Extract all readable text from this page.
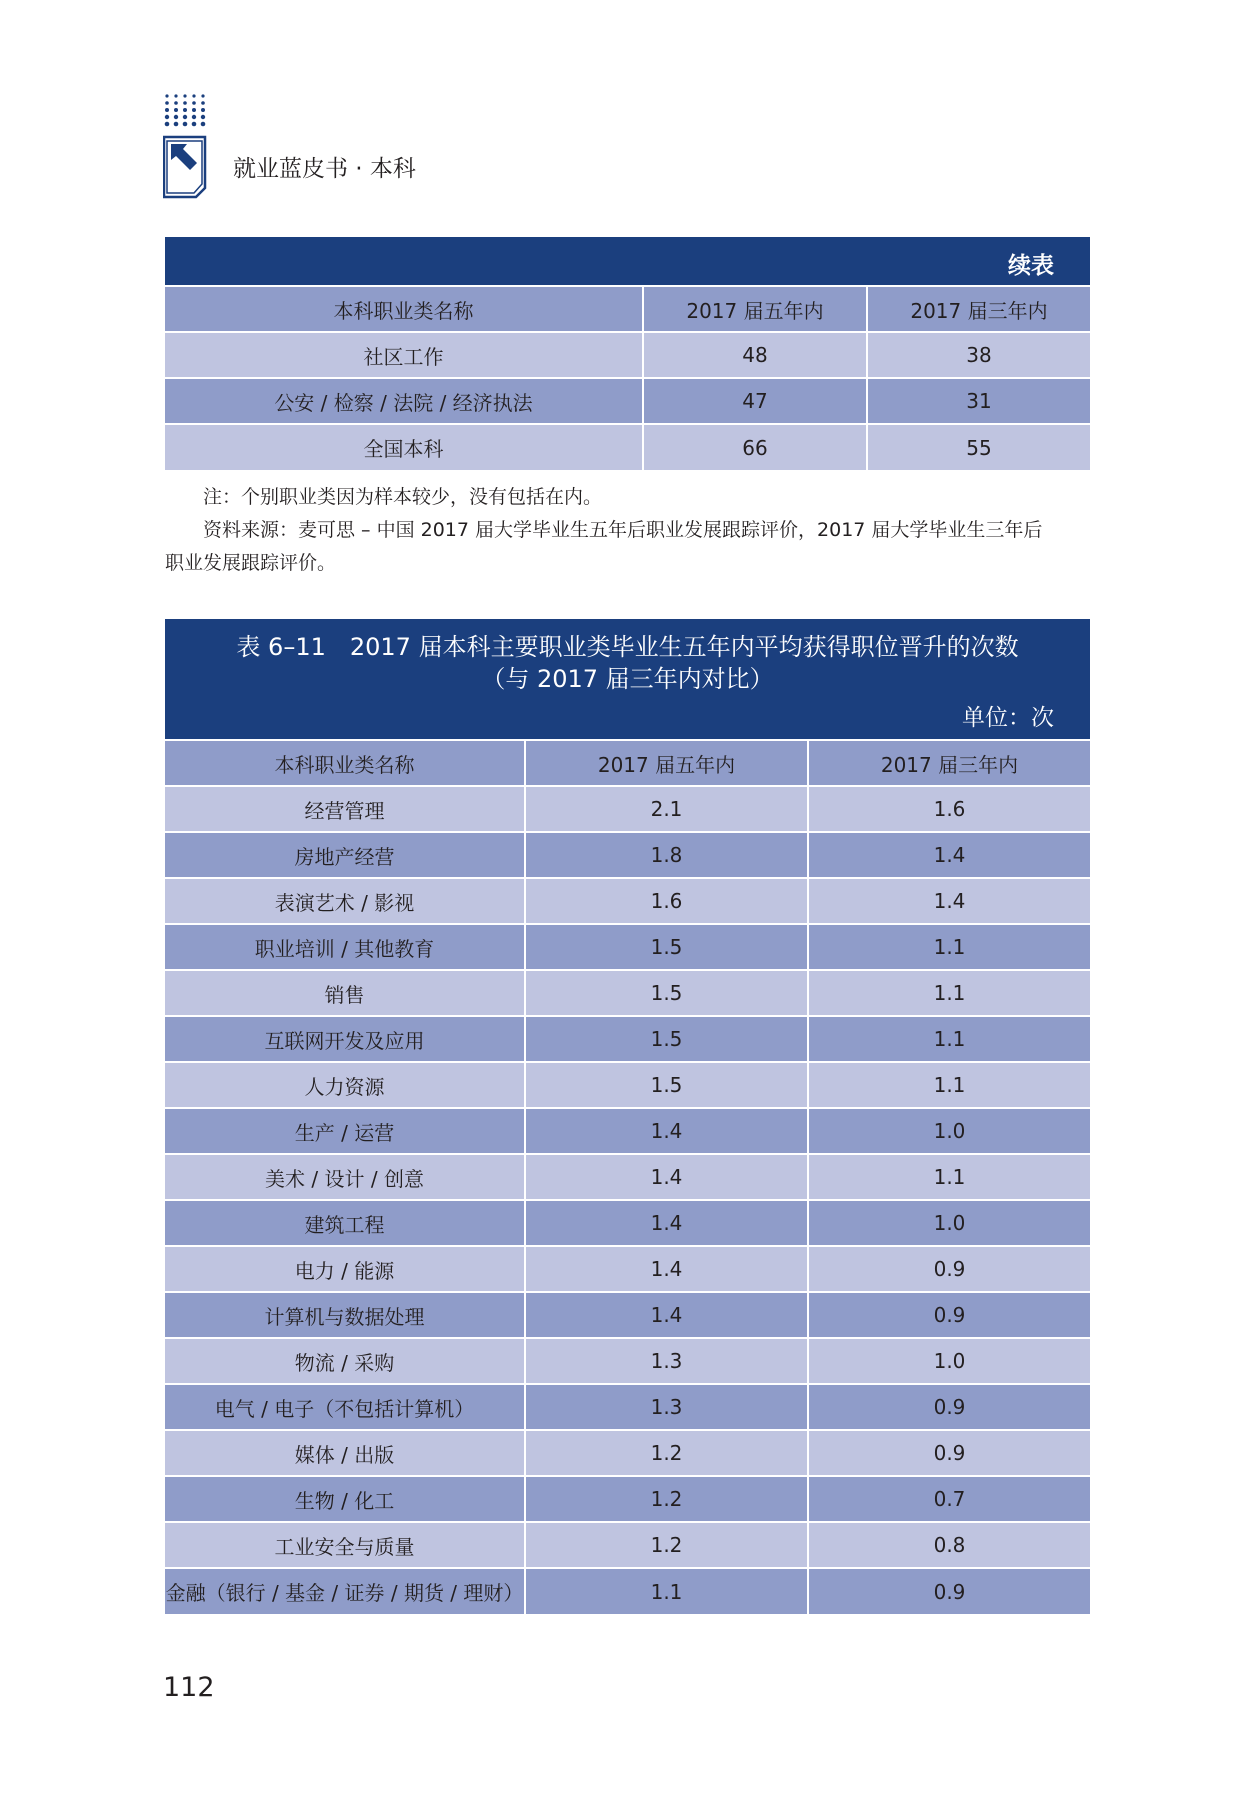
就业蓝皮书 · 本科
续表
本科职业类名称	2017 届五年内	2017 届三年内
社区工作	48	38
公安 / 检察 / 法院 / 经济执法	47	31
全国本科	66	55

注：个别职业类因为样本较少，没有包括在内。

资料来源：麦可思 – 中国 2017 届大学毕业生五年后职业发展跟踪评价，2017 届大学毕业生三年后

职业发展跟踪评价。

表 6–11　2017 届本科主要职业类毕业生五年内平均获得职位晋升的次数
（与 2017 届三年内对比）
单位：次
本科职业类名称	2017 届五年内	2017 届三年内
经营管理	2.1	1.6
房地产经营	1.8	1.4
表演艺术 / 影视	1.6	1.4
职业培训 / 其他教育	1.5	1.1
销售	1.5	1.1
互联网开发及应用	1.5	1.1
人力资源	1.5	1.1
生产 / 运营	1.4	1.0
美术 / 设计 / 创意	1.4	1.1
建筑工程	1.4	1.0
电力 / 能源	1.4	0.9
计算机与数据处理	1.4	0.9
物流 / 采购	1.3	1.0
电气 / 电子（不包括计算机）	1.3	0.9
媒体 / 出版	1.2	0.9
生物 / 化工	1.2	0.7
工业安全与质量	1.2	0.8
金融（银行 / 基金 / 证券 / 期货 / 理财）	1.1	0.9
112
